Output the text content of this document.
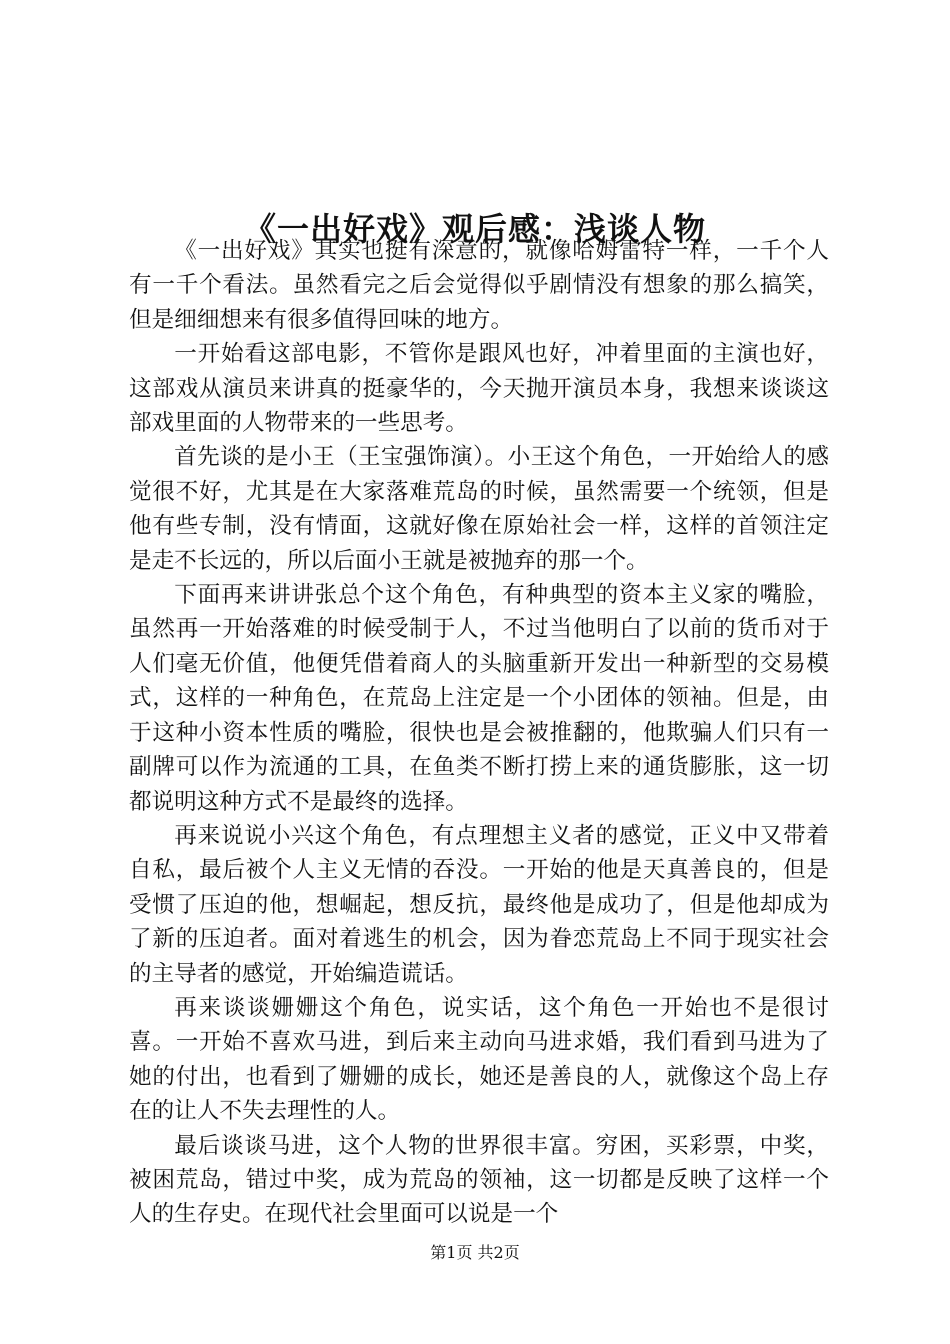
《一出好戏》观后感：浅谈人物

《一出好戏》其实也挺有深意的，就像哈姆雷特一样，一千个人有一千个看法。虽然看完之后会觉得似乎剧情没有想象的那么搞笑，但是细细想来有很多值得回味的地方。

一开始看这部电影，不管你是跟风也好，冲着里面的主演也好，这部戏从演员来讲真的挺豪华的，今天抛开演员本身，我想来谈谈这部戏里面的人物带来的一些思考。

首先谈的是小王（王宝强饰演）。小王这个角色，一开始给人的感觉很不好，尤其是在大家落难荒岛的时候，虽然需要一个统领，但是他有些专制，没有情面，这就好像在原始社会一样，这样的首领注定是走不长远的，所以后面小王就是被抛弃的那一个。

下面再来讲讲张总个这个角色，有种典型的资本主义家的嘴脸，虽然再一开始落难的时候受制于人，不过当他明白了以前的货币对于人们毫无价值，他便凭借着商人的头脑重新开发出一种新型的交易模式，这样的一种角色，在荒岛上注定是一个小团体的领袖。但是，由于这种小资本性质的嘴脸，很快也是会被推翻的，他欺骗人们只有一副牌可以作为流通的工具，在鱼类不断打捞上来的通货膨胀，这一切都说明这种方式不是最终的选择。

再来说说小兴这个角色，有点理想主义者的感觉，正义中又带着自私，最后被个人主义无情的吞没。一开始的他是天真善良的，但是受惯了压迫的他，想崛起，想反抗，最终他是成功了，但是他却成为了新的压迫者。面对着逃生的机会，因为眷恋荒岛上不同于现实社会的主导者的感觉，开始编造谎话。

再来谈谈姗姗这个角色，说实话，这个角色一开始也不是很讨喜。一开始不喜欢马进，到后来主动向马进求婚，我们看到马进为了她的付出，也看到了姗姗的成长，她还是善良的人，就像这个岛上存在的让人不失去理性的人。

最后谈谈马进，这个人物的世界很丰富。穷困，买彩票，中奖，被困荒岛，错过中奖，成为荒岛的领袖，这一切都是反映了这样一个人的生存史。在现代社会里面可以说是一个

第1页 共2页
